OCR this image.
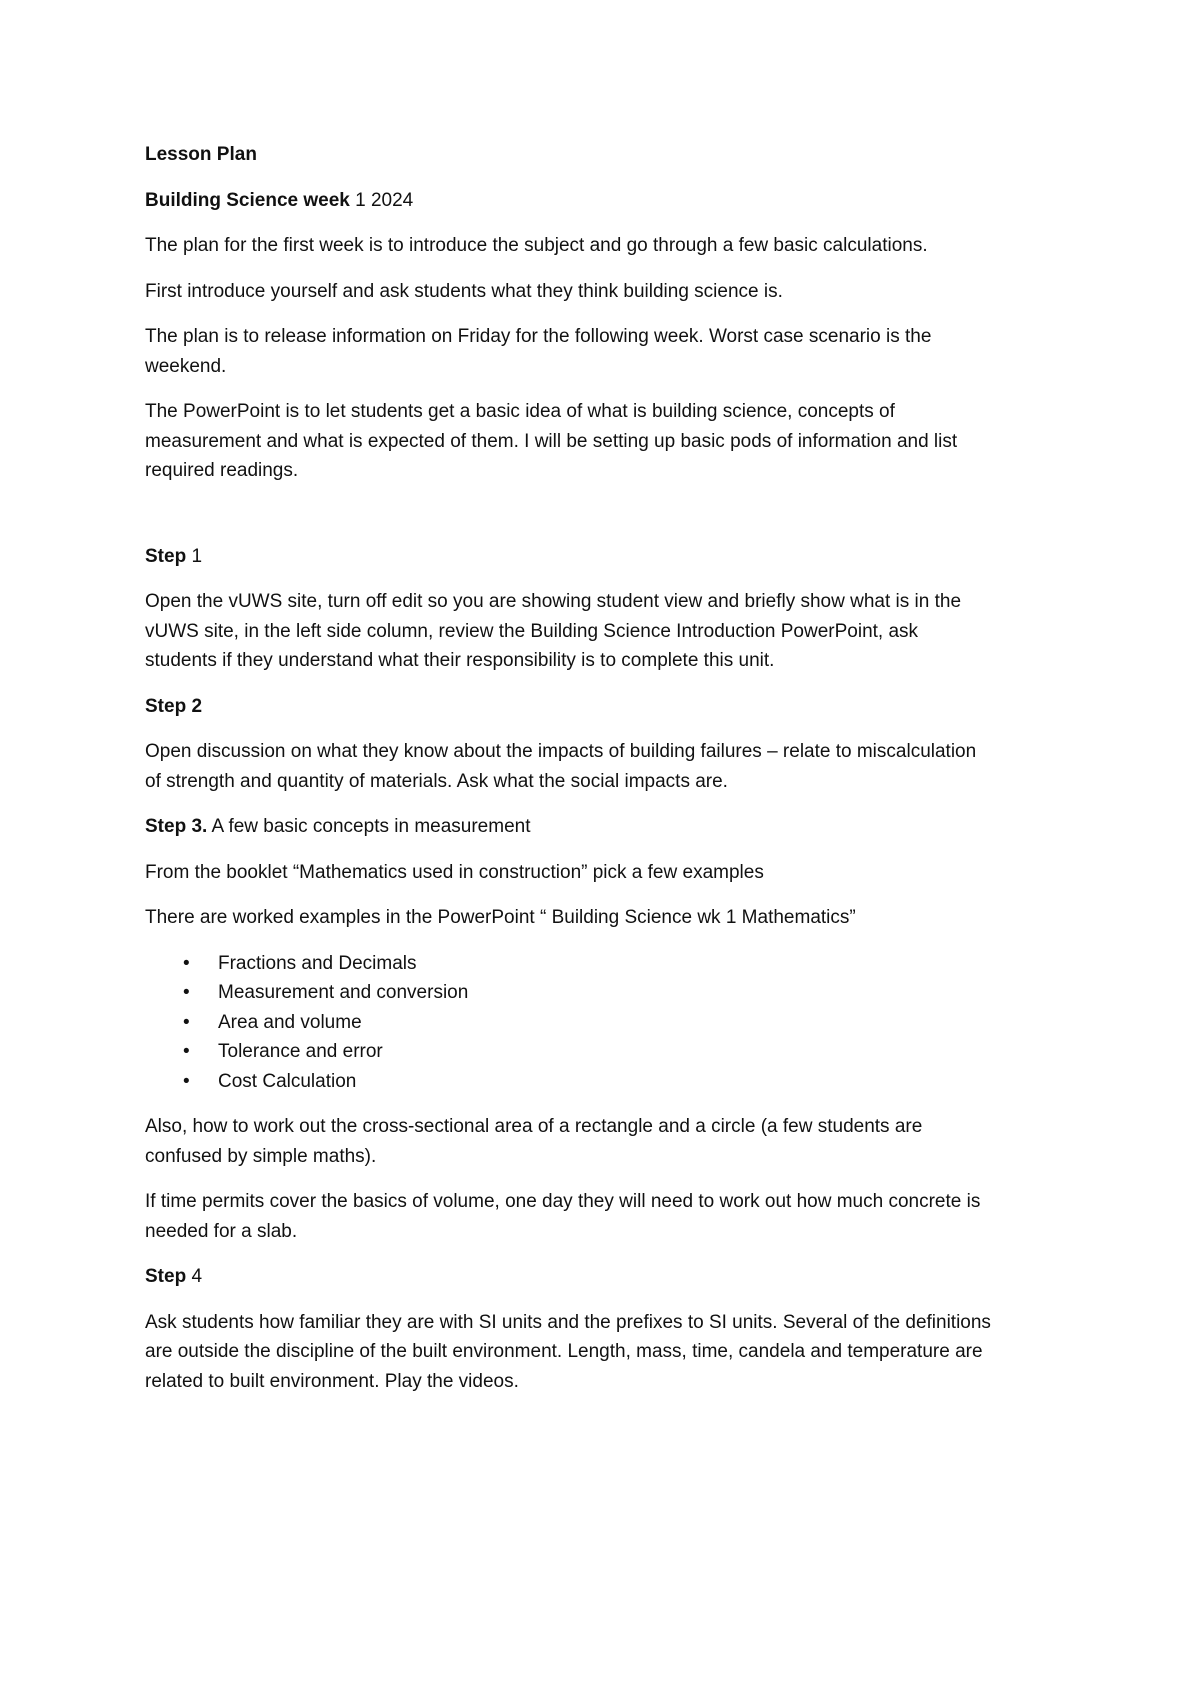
Lesson Plan
Building Science week 1 2024

The plan for the first week is to introduce the subject and go through a few basic calculations.

First introduce yourself and ask students what they think building science is.

The plan is to release information on Friday for the following week. Worst case scenario is the
weekend.

The PowerPoint is to let students get a basic idea of what is building science, concepts of
measurement and what is expected of them. I will be setting up basic pods of information and list
required readings.

Step 1

Open the vUWS site, turn off edit so you are showing student view and briefly show what is in the
vUWS site, in the left side column, review the Building Science Introduction PowerPoint, ask
students if they understand what their responsibility is to complete this unit.

Step 2

Open discussion on what they know about the impacts of building failures – relate to miscalculation
of strength and quantity of materials. Ask what the social impacts are.

Step 3. A few basic concepts in measurement

From the booklet “Mathematics used in construction” pick a few examples

There are worked examples in the PowerPoint “ Building Science wk 1 Mathematics”

• Fractions and Decimals
• Measurement and conversion
• Area and volume
• Tolerance and error
• Cost Calculation

Also, how to work out the cross-sectional area of a rectangle and a circle (a few students are
confused by simple maths).

If time permits cover the basics of volume, one day they will need to work out how much concrete is
needed for a slab.

Step 4

Ask students how familiar they are with SI units and the prefixes to SI units. Several of the definitions
are outside the discipline of the built environment. Length, mass, time, candela and temperature are
related to built environment. Play the videos.
